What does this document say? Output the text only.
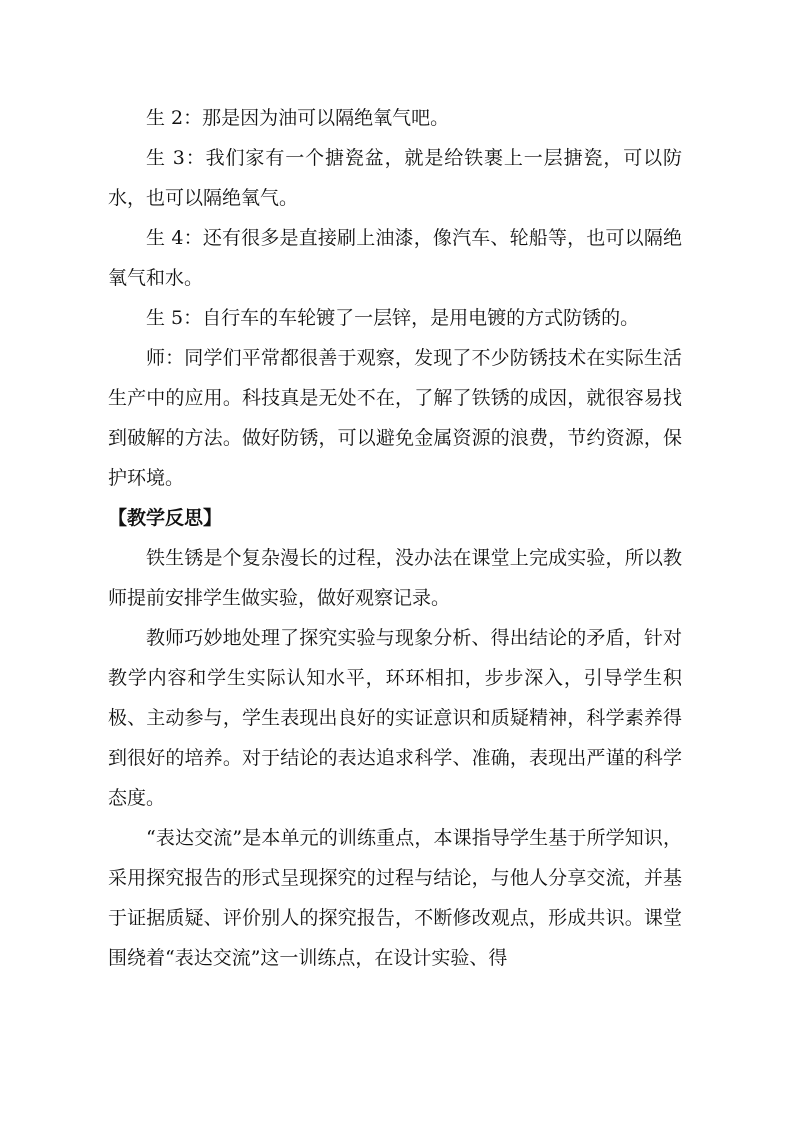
生 2：那是因为油可以隔绝氧气吧。

生 3：我们家有一个搪瓷盆，就是给铁裹上一层搪瓷，可以防水，也可以隔绝氧气。

生 4：还有很多是直接刷上油漆，像汽车、轮船等，也可以隔绝氧气和水。

生 5：自行车的车轮镀了一层锌，是用电镀的方式防锈的。

师：同学们平常都很善于观察，发现了不少防锈技术在实际生活生产中的应用。科技真是无处不在，了解了铁锈的成因，就很容易找到破解的方法。做好防锈，可以避免金属资源的浪费，节约资源，保护环境。

【教学反思】

铁生锈是个复杂漫长的过程，没办法在课堂上完成实验，所以教师提前安排学生做实验，做好观察记录。

教师巧妙地处理了探究实验与现象分析、得出结论的矛盾，针对教学内容和学生实际认知水平，环环相扣，步步深入，引导学生积极、主动参与，学生表现出良好的实证意识和质疑精神，科学素养得到很好的培养。对于结论的表达追求科学、准确，表现出严谨的科学态度。

“表达交流”是本单元的训练重点，本课指导学生基于所学知识，采用探究报告的形式呈现探究的过程与结论，与他人分享交流，并基于证据质疑、评价别人的探究报告，不断修改观点，形成共识。课堂围绕着“表达交流”这一训练点，在设计实验、得
